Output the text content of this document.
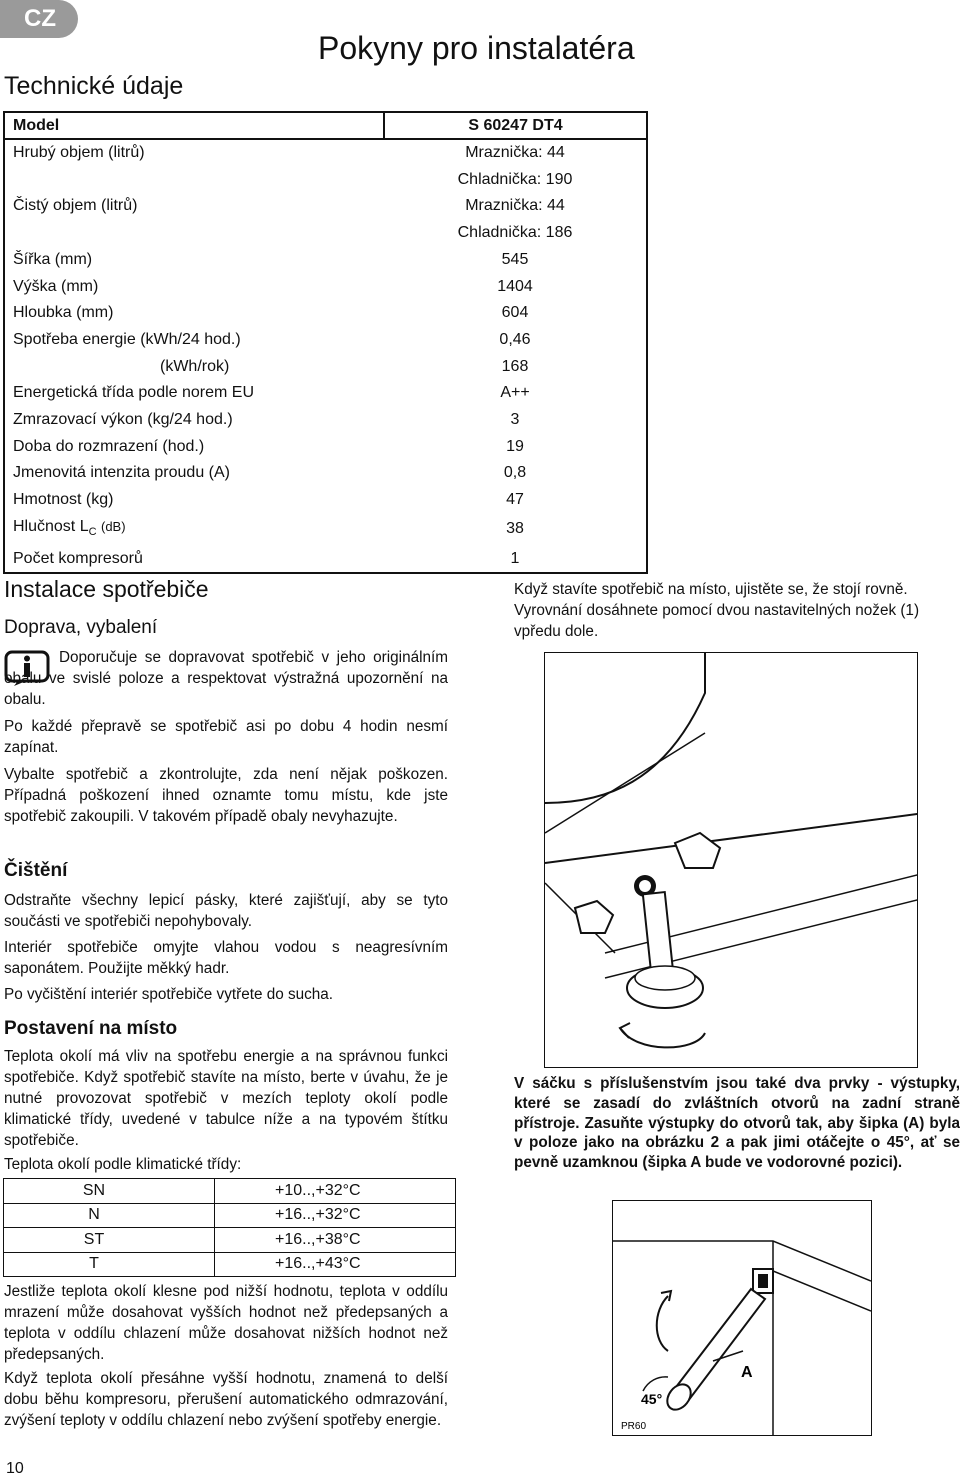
CZ
Pokyny pro instalatéra
Technické údaje
Model	S 60247 DT4
Hrubý objem (litrů)	Mraznička: 44
	Chladnička: 190
Čistý objem (litrů)	Mraznička: 44
	Chladnička: 186
Šířka (mm)	545
Výška (mm)	1404
Hloubka (mm)	604
Spotřeba energie (kWh/24 hod.)	0,46
(kWh/rok)	168
Energetická třída podle norem EU	A++
Zmrazovací výkon (kg/24 hod.)	3
Doba do rozmrazení (hod.)	19
Jmenovitá intenzita proudu (A)	0,8
Hmotnost (kg)	47
Hlučnost $L_C$ (dB)	38
Počet kompresorů	1
Instalace spotřebiče
Doprava, vybalení
Doporučuje se dopravovat spotřebič v jeho originálním obalu ve svislé poloze a respektovat výstražná upozornění na obalu.
Po každé přepravě se spotřebič asi po dobu 4 hodin nesmí zapínat.
Vybalte spotřebič a zkontrolujte, zda není nějak poškozen. Případná poškození ihned oznamte tomu místu, kde jste spotřebič zakoupili. V takovém případě obaly nevyhazujte.
Čištění
Odstraňte všechny lepicí pásky, které zajišťují, aby se tyto součásti ve spotřebiči nepohybovaly.
Interiér spotřebiče omyjte vlahou vodou s neagresívním saponátem. Použijte měkký hadr.
Po vyčištění interiér spotřebiče vytřete do sucha.
Postavení na místo
Teplota okolí má vliv na spotřebu energie a na správnou funkci spotřebiče. Když spotřebič stavíte na místo, berte v úvahu, že je nutné provozovat spotřebič v mezích teploty okolí podle klimatické třídy, uvedené v tabulce níže a na typovém štítku spotřebiče.
Teplota okolí podle klimatické třídy:
SN	+10..,+32°C
N	+16..,+32°C
ST	+16..,+38°C
T	+16..,+43°C
Jestliže teplota okolí klesne pod nižší hodnotu, teplota v oddílu mrazení může dosahovat vyšších hodnot než předepsaných a teplota v oddílu chlazení může dosahovat nižších hodnot než předepsaných.
Když teplota okolí přesáhne vyšší hodnotu, znamená to delší dobu běhu kompresoru, přerušení automatického odmrazování, zvýšení teploty v oddílu chlazení nebo zvýšení spotřeby energie.
Když stavíte spotřebič na místo, ujistěte se, že stojí rovně. Vyrovnání dosáhnete pomocí dvou nastavitelných nožek (1) vpředu dole.
V sáčku s příslušenstvím jsou také dva prvky - výstupky, které se zasadí do zvláštních otvorů na zadní straně přístroje. Zasuňte výstupky do otvorů tak, aby šipka (A) byla v poloze jako na obrázku 2 a pak jimi otáčejte o 45°, ať se pevně uzamknou (šipka A bude ve vodorovné pozici).
A
45°
PR60
10
